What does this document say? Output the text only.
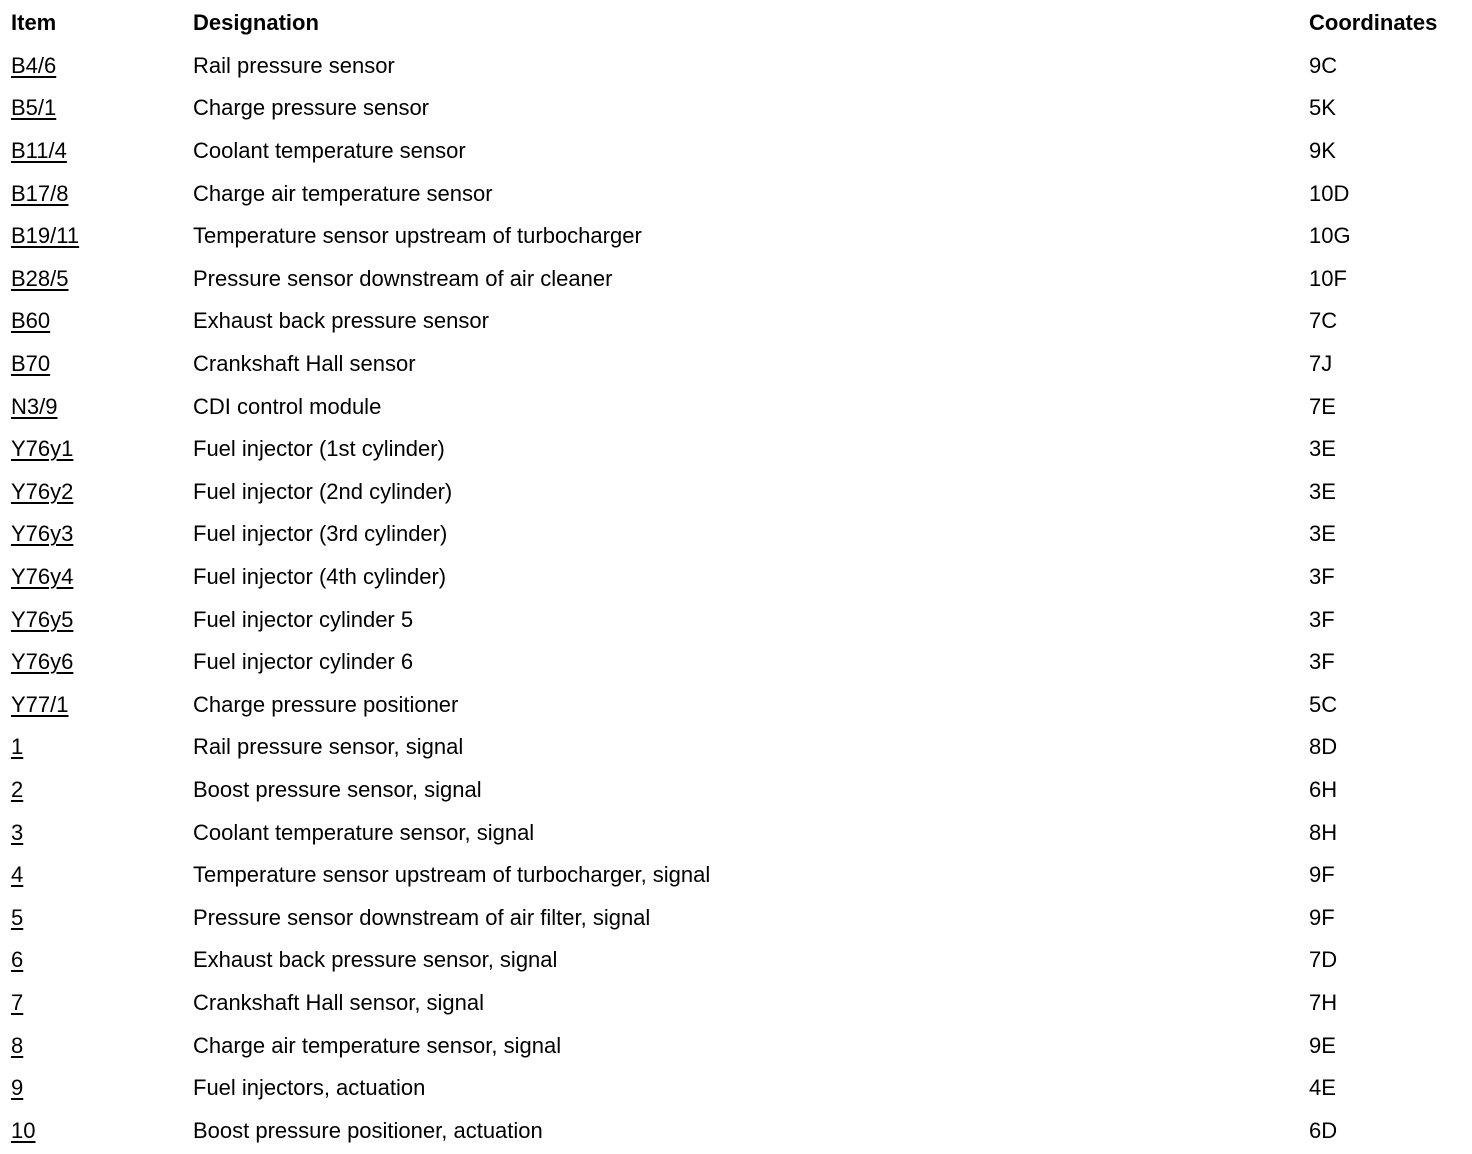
Item	Designation	Coordinates
B4/6	Rail pressure sensor	9C
B5/1	Charge pressure sensor	5K
B11/4	Coolant temperature sensor	9K
B17/8	Charge air temperature sensor	10D
B19/11	Temperature sensor upstream of turbocharger	10G
B28/5	Pressure sensor downstream of air cleaner	10F
B60	Exhaust back pressure sensor	7C
B70	Crankshaft Hall sensor	7J
N3/9	CDI control module	7E
Y76y1	Fuel injector (1st cylinder)	3E
Y76y2	Fuel injector (2nd cylinder)	3E
Y76y3	Fuel injector (3rd cylinder)	3E
Y76y4	Fuel injector (4th cylinder)	3F
Y76y5	Fuel injector cylinder 5	3F
Y76y6	Fuel injector cylinder 6	3F
Y77/1	Charge pressure positioner	5C
1	Rail pressure sensor, signal	8D
2	Boost pressure sensor, signal	6H
3	Coolant temperature sensor, signal	8H
4	Temperature sensor upstream of turbocharger, signal	9F
5	Pressure sensor downstream of air filter, signal	9F
6	Exhaust back pressure sensor, signal	7D
7	Crankshaft Hall sensor, signal	7H
8	Charge air temperature sensor, signal	9E
9	Fuel injectors, actuation	4E
10	Boost pressure positioner, actuation	6D
